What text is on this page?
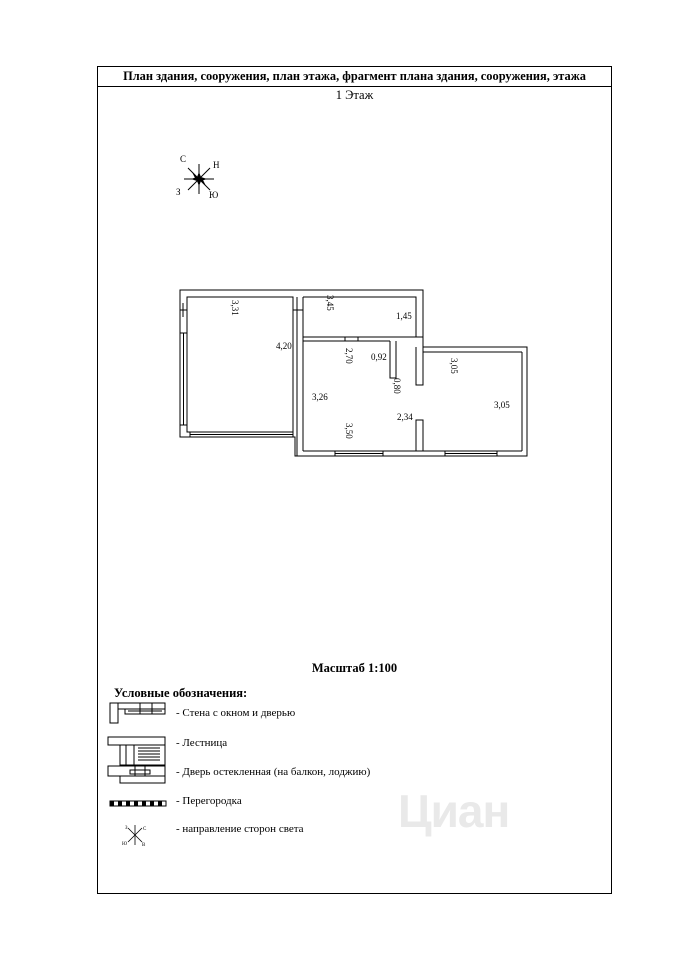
План здания, сооружения, план этажа, фрагмент плана здания, сооружения, этажа
1 Этаж
Масштаб 1:100
Условные обозначения:
Циан
- Стена с окном и дверью
- Лестница
- Дверь остекленная (на балкон, лоджию)
- Перегородка
- направление сторон света
С
Н
З	Ю
3,31
4,20
3,45
1,45
2,70 0,92
0,80
3,26
2,34
3,50
3,05
3,05
С
З
Ю	В
